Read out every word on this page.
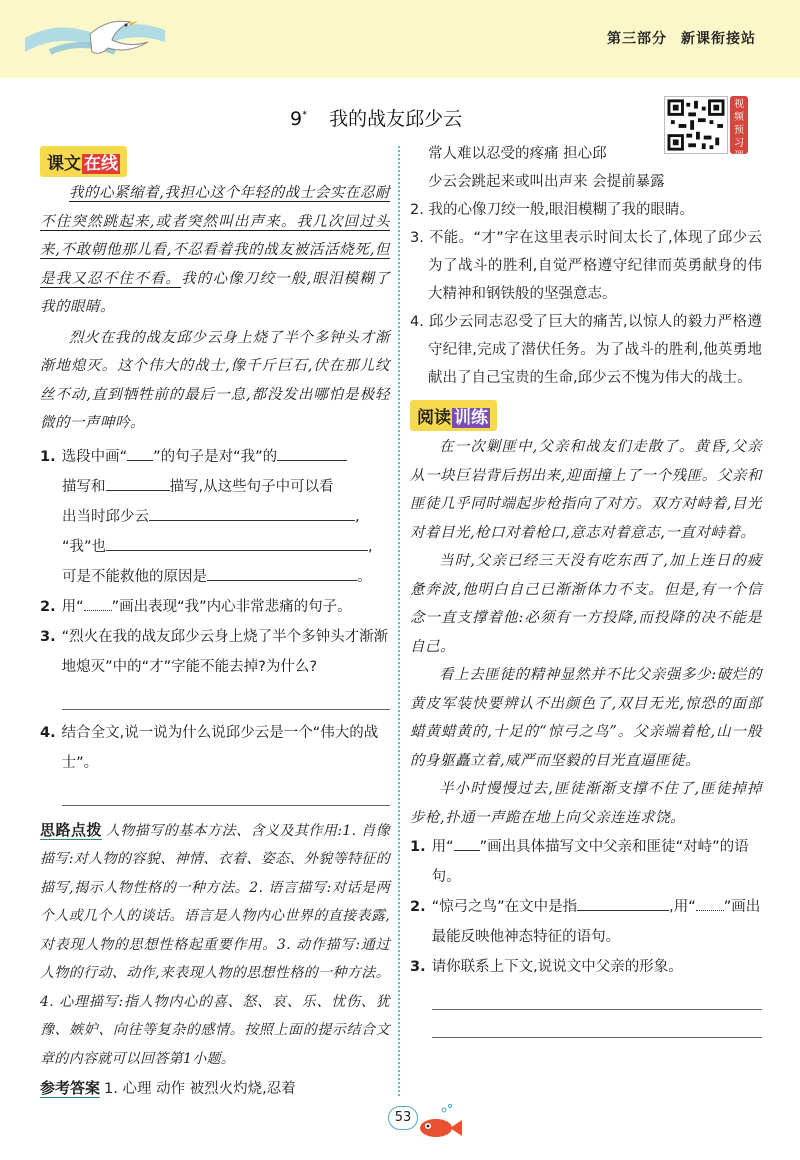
第三部分 新课衔接站
9* 我的战友邱少云
视频预习课
课文 在线
我的心紧缩着,我担心这个年轻的战士会实在忍耐不住突然跳起来,或者突然叫出声来。我几次回过头来,不敢朝他那儿看,不忍看着我的战友被活活烧死,但是我又忍不住不看。我的心像刀绞一般,眼泪模糊了我的眼睛。
烈火在我的战友邱少云身上烧了半个多钟头才渐渐地熄灭。这个伟大的战士,像千斤巨石,伏在那儿纹丝不动,直到牺牲前的最后一息,都没发出哪怕是极轻微的一声呻吟。
1. 选段中画“ ”的句子是对“我”的
描写和	描写,从这些句子中可以看
出当时邱少云	,
“我”也	,
可是不能救他的原因是	。
2. 用“ ”画出表现“我”内心非常悲痛的句子。
3. “烈火在我的战友邱少云身上烧了半个多钟头才渐渐地熄灭”中的“才”字能不能去掉?为什么?
4. 结合全文,说一说为什么说邱少云是一个“伟大的战士”。
思路点拨 人物描写的基本方法、含义及其作用:1. 肖像描写:对人物的容貌、神情、衣着、姿态、外貌等特征的描写,揭示人物性格的一种方法。2. 语言描写:对话是两个人或几个人的谈话。语言是人物内心世界的直接表露,对表现人物的思想性格起重要作用。3. 动作描写:通过人物的行动、动作,来表现人物的思想性格的一种方法。4. 心理描写:指人物内心的喜、怒、哀、乐、忧伤、犹豫、嫉妒、向往等复杂的感情。按照上面的提示结合文章的内容就可以回答第1小题。
参考答案 1. 心理 动作 被烈火灼烧,忍着
常人难以忍受的疼痛 担心邱
少云会跳起来或叫出声来 会提前暴露
2. 我的心像刀绞一般,眼泪模糊了我的眼睛。
3. 不能。“才”字在这里表示时间太长了,体现了邱少云为了战斗的胜利,自觉严格遵守纪律而英勇献身的伟大精神和钢铁般的坚强意志。
4. 邱少云同志忍受了巨大的痛苦,以惊人的毅力严格遵守纪律,完成了潜伏任务。为了战斗的胜利,他英勇地献出了自己宝贵的生命,邱少云不愧为伟大的战士。
阅读 训练
在一次剿匪中,父亲和战友们走散了。黄昏,父亲从一块巨岩背后拐出来,迎面撞上了一个残匪。父亲和匪徒几乎同时端起步枪指向了对方。双方对峙着,目光对着目光,枪口对着枪口,意志对着意志,一直对峙着。
当时,父亲已经三天没有吃东西了,加上连日的疲惫奔波,他明白自己已渐渐体力不支。但是,有一个信念一直支撑着他:必须有一方投降,而投降的决不能是自己。
看上去匪徒的精神显然并不比父亲强多少:破烂的黄皮军装快要辨认不出颜色了,双目无光,惊恐的面部蜡黄蜡黄的,十足的“惊弓之鸟”。父亲端着枪,山一般的身躯矗立着,威严而坚毅的目光直逼匪徒。
半小时慢慢过去,匪徒渐渐支撑不住了,匪徒掉掉步枪,扑通一声跪在地上向父亲连连求饶。
1. 用“ ”画出具体描写文中父亲和匪徒“对峙”的语句。
2. “惊弓之鸟”在文中是指	,用“ ”画出最能反映他神态特征的语句。
3. 请你联系上下文,说说文中父亲的形象。
53
